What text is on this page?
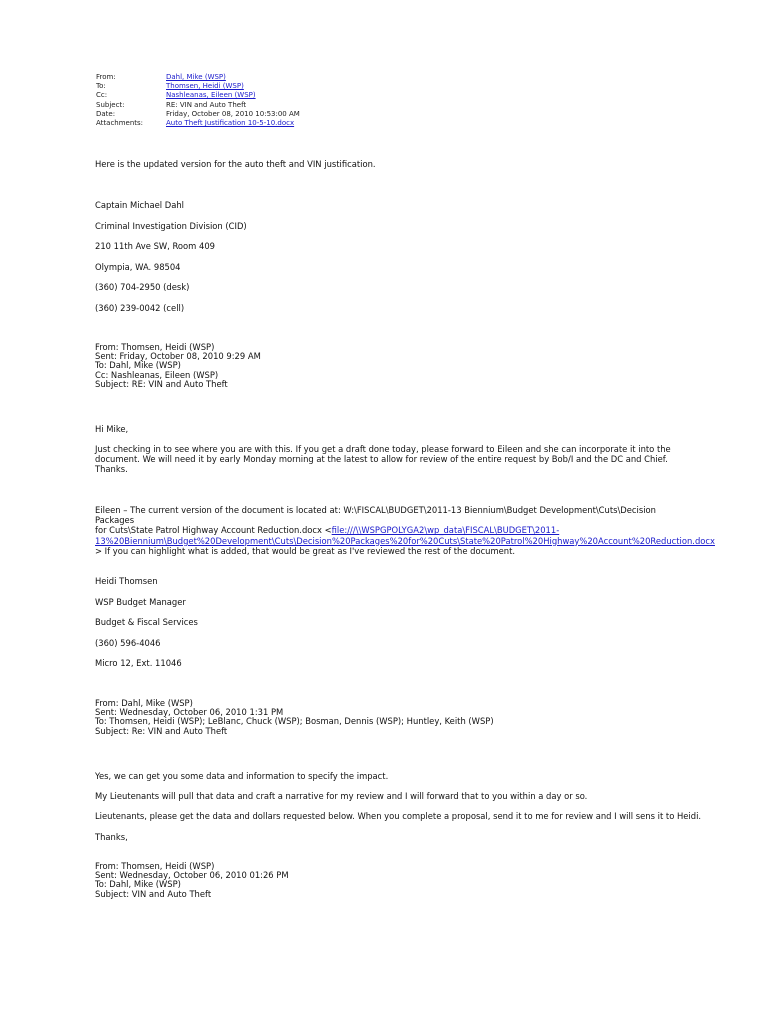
From:	Dahl, Mike (WSP)
To:	Thomsen, Heidi (WSP)
Cc:	Nashleanas, Eileen (WSP)
Subject:	RE: VIN and Auto Theft
Date:	Friday, October 08, 2010 10:53:00 AM
Attachments:	Auto Theft Justification 10-5-10.docx
Here is the updated version for the auto theft and VIN justification.
Captain Michael Dahl
Criminal Investigation Division (CID)
210 11th Ave SW, Room 409
Olympia, WA. 98504
(360) 704-2950 (desk)
(360) 239-0042 (cell)
From: Thomsen, Heidi (WSP)
Sent: Friday, October 08, 2010 9:29 AM
To: Dahl, Mike (WSP)
Cc: Nashleanas, Eileen (WSP)
Subject: RE: VIN and Auto Theft
Hi Mike,
Just checking in to see where you are with this. If you get a draft done today, please forward to Eileen and she can incorporate it into the
document. We will need it by early Monday morning at the latest to allow for review of the entire request by Bob/I and the DC and Chief.
Thanks.
Eileen – The current version of the document is located at: W:\FISCAL\BUDGET\2011-13 Biennium\Budget Development\Cuts\Decision Packages
for Cuts\State Patrol Highway Account Reduction.docx <file:///\\WSPGPOLYGA2\wp_data\FISCAL\BUDGET\2011-
13%20Biennium\Budget%20Development\Cuts\Decision%20Packages%20for%20Cuts\State%20Patrol%20Highway%20Account%20Reduction.docx
> If you can highlight what is added, that would be great as I've reviewed the rest of the document.
Heidi Thomsen
WSP Budget Manager
Budget & Fiscal Services
(360) 596-4046
Micro 12, Ext. 11046
From: Dahl, Mike (WSP)
Sent: Wednesday, October 06, 2010 1:31 PM
To: Thomsen, Heidi (WSP); LeBlanc, Chuck (WSP); Bosman, Dennis (WSP); Huntley, Keith (WSP)
Subject: Re: VIN and Auto Theft
Yes, we can get you some data and information to specify the impact.
My Lieutenants will pull that data and craft a narrative for my review and I will forward that to you within a day or so.
Lieutenants, please get the data and dollars requested below. When you complete a proposal, send it to me for review and I will sens it to Heidi.
Thanks,
From: Thomsen, Heidi (WSP)
Sent: Wednesday, October 06, 2010 01:26 PM
To: Dahl, Mike (WSP)
Subject: VIN and Auto Theft
